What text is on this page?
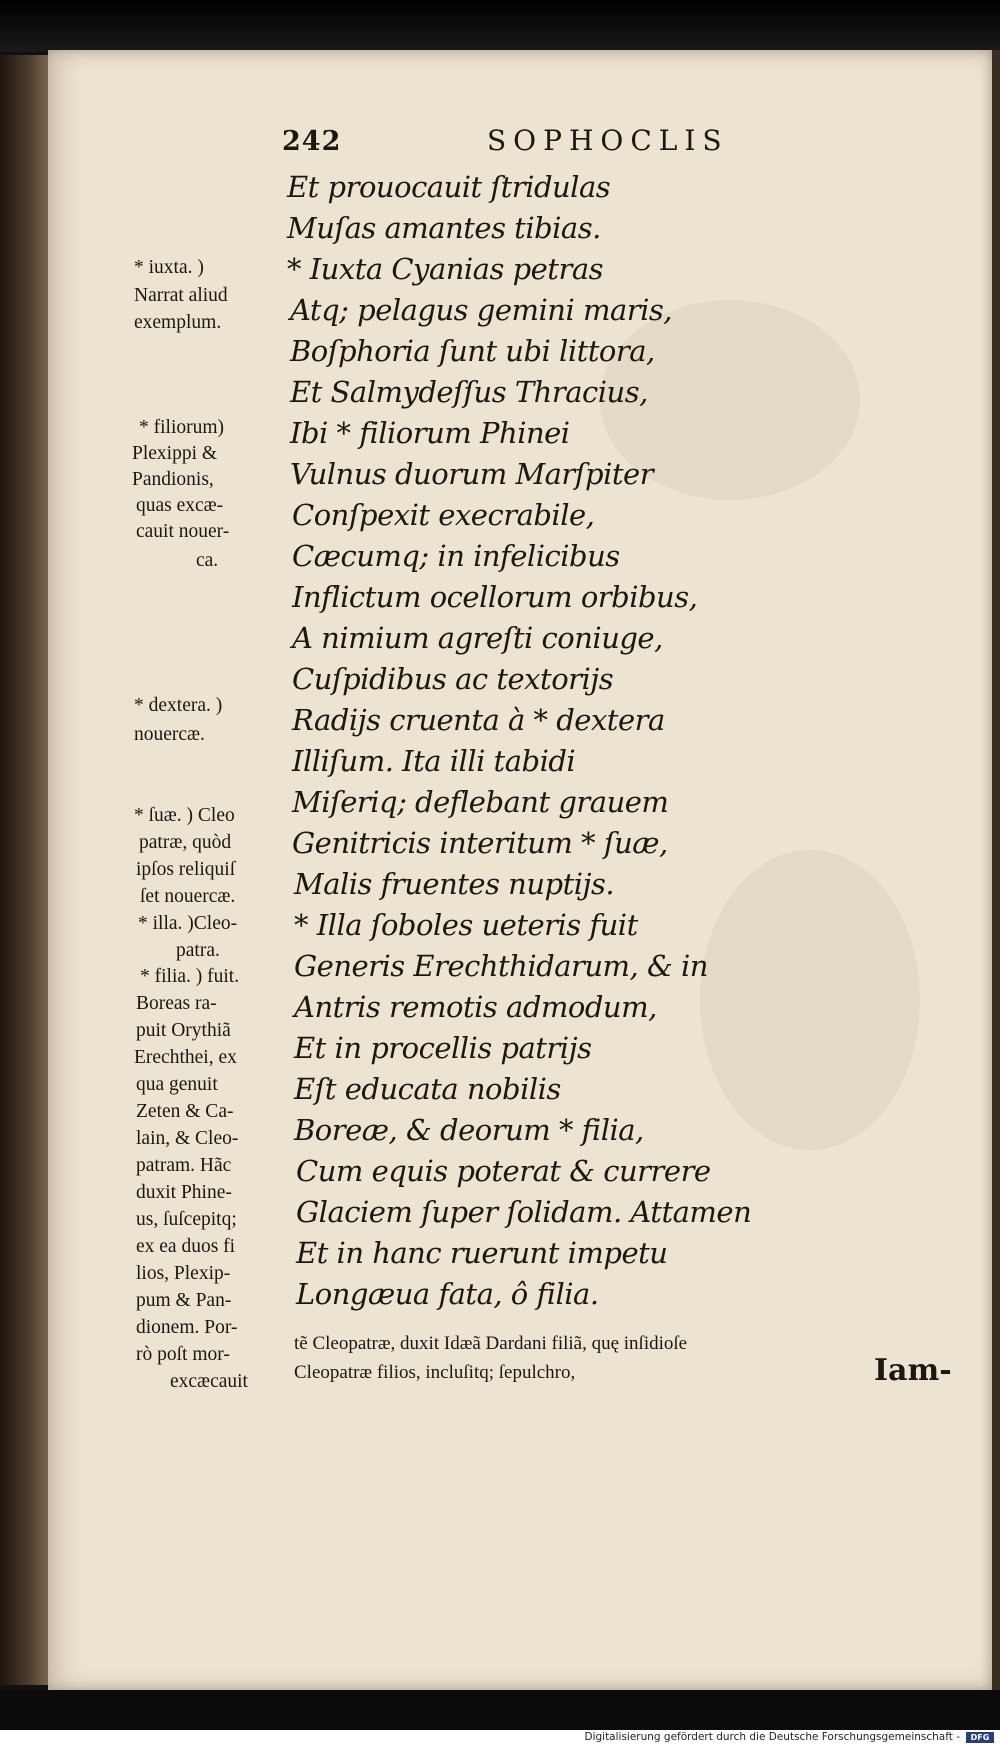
242	SOPHOCLIS
Et prouocauit ſtridulas
Muſas amantes tibias.
* Iuxta Cyanias petras
Atq; pelagus gemini maris,
Boſphoria ſunt ubi littora,
Et Salmydeſſus Thracius,
Ibi * filiorum Phinei
Vulnus duorum Marſpiter
Conſpexit execrabile,
Cæcumq; in infelicibus
Inflictum ocellorum orbibus,
A nimium agreſti coniuge,
Cuſpidibus ac textorijs
Radijs cruenta à * dextera
Illiſum. Ita illi tabidi
Miſeriq; deflebant grauem
Genitricis interitum * ſuæ,
Malis fruentes nuptijs.
* Illa ſoboles ueteris fuit
Generis Erechthidarum, & in
Antris remotis admodum,
Et in procellis patrijs
Eſt educata nobilis
Boreæ, & deorum * filia,
Cum equis poterat & currere
Glaciem ſuper ſolidam. Attamen
Et in hanc ruerunt impetu
Longæua fata, ô filia.
* iuxta. )
Narrat aliud
exemplum.
* filiorum)
Plexippi &
Pandionis,
quas excæ-
cauit nouer-
ca.
* dextera. )
nouercæ.
* ſuæ. ) Cleo
patræ, quòd
ipſos reliquiſ
ſet nouercæ.
* illa. )Cleo-
patra.
* filia. ) fuit.
Boreas ra-
puit Orythiã
Erechthei, ex
qua genuit
Zeten & Ca-
lain, & Cleo-
patram. Hãc
duxit Phine-
us, ſuſcepitq;
ex ea duos fi
lios, Plexip-
pum & Pan-
dionem. Por-
rò poſt mor-
excæcauit
tẽ Cleopatræ, duxit Idæã Dardani filiã, quę inſidioſe
Cleopatræ filios, incluſitq; ſepulchro,	Iam-
Digitalisierung gefördert durch die Deutsche Forschungsgemeinschaft -	DFG
